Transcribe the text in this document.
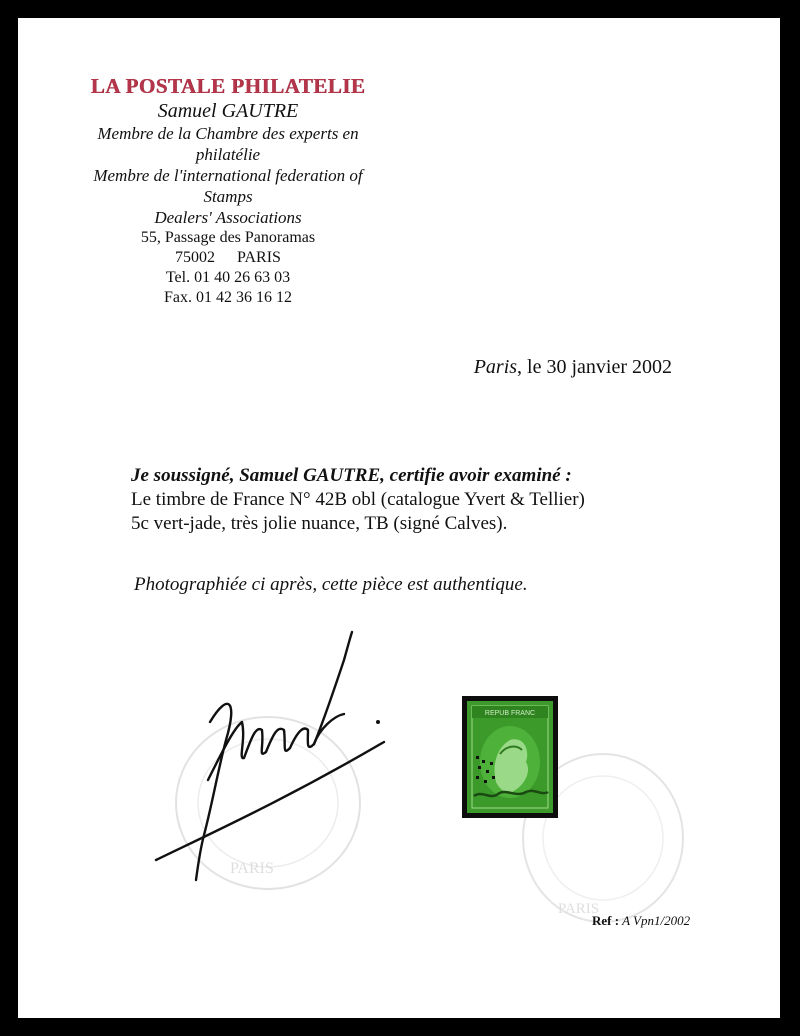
LA POSTALE PHILATELIE
Samuel GAUTRE
Membre de la Chambre des experts en philatélie
Membre de l'international federation of Stamps
Dealers' Associations
55, Passage des Panoramas
75002 PARIS
Tel. 01 40 26 63 03
Fax. 01 42 36 16 12
Paris, le 30 janvier 2002
Je soussigné, Samuel GAUTRE, certifie avoir examiné :
Le timbre de France N° 42B obl (catalogue Yvert & Tellier)
5c vert-jade, très jolie nuance, TB (signé Calves).
Photographiée ci après, cette pièce est authentique.
PARIS
PARIS
REPUB FRANC
Ref : A Vpn1/2002
